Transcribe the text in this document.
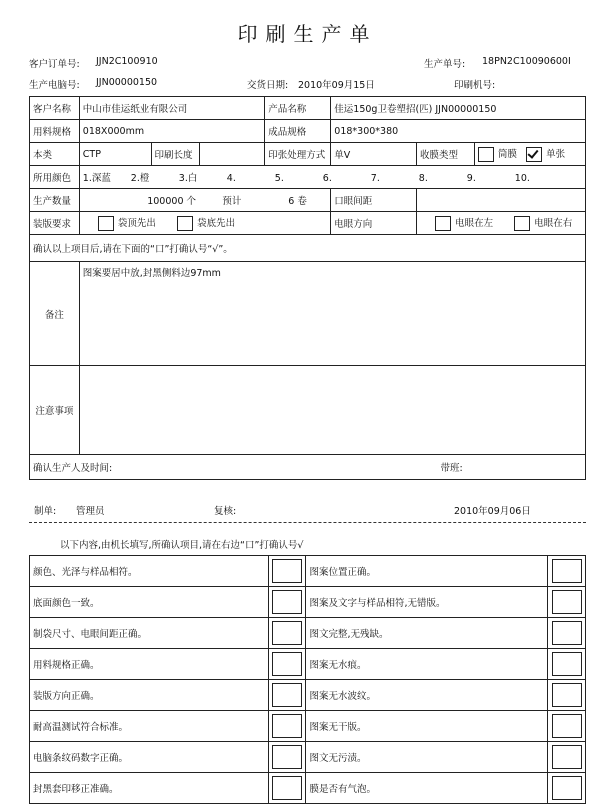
印刷生产单
客户订单号: JJN2C100910	生产单号: 18PN2C10090600I
生产电脑号: JJN00000150	交货日期: 2010年09月15日	印刷机号:
客户名称	中山市佳运纸业有限公司			产品名称	佳运150g卫卷塑招(匹) JJN00000150		
用料规格	018X000mm			成品规格	018*300*380		
本类	CTP	印刷长度		印张处理方式	单V	收膜类型	筒膜 单张
所用颜色	1.深蓝 2.橙 3.白 4. 5. 6. 7. 8. 9. 10.						
生产数量	100000 个		预计	6 卷	口眼间距		
装版要求	袋顶先出 袋底先出				电眼方向	电眼在左 电眼在右	
确认以上项目后,请在下面的“口”打确认号“√”。							
备注	图案要居中放,封黑侧料边97mm						
注意事项							
确认生产人及时间:						带班:	
制单: 管理员	复核:	2010年09月06日
以下内容,由机长填写,所确认项目,请在右边“口”打确认号√
颜色、光泽与样品相符。		图案位置正确。	
底面颜色一致。		图案及文字与样品相符,无错版。	
制袋尺寸、电眼间距正确。		图文完整,无残缺。	
用料规格正确。		图案无水痕。	
装版方向正确。		图案无水波纹。	
耐高温测试符合标准。		图案无干版。	
电脑条纹码数字正确。		图文无污渍。	
封黑套印移正准确。		膜是否有气泡。	
